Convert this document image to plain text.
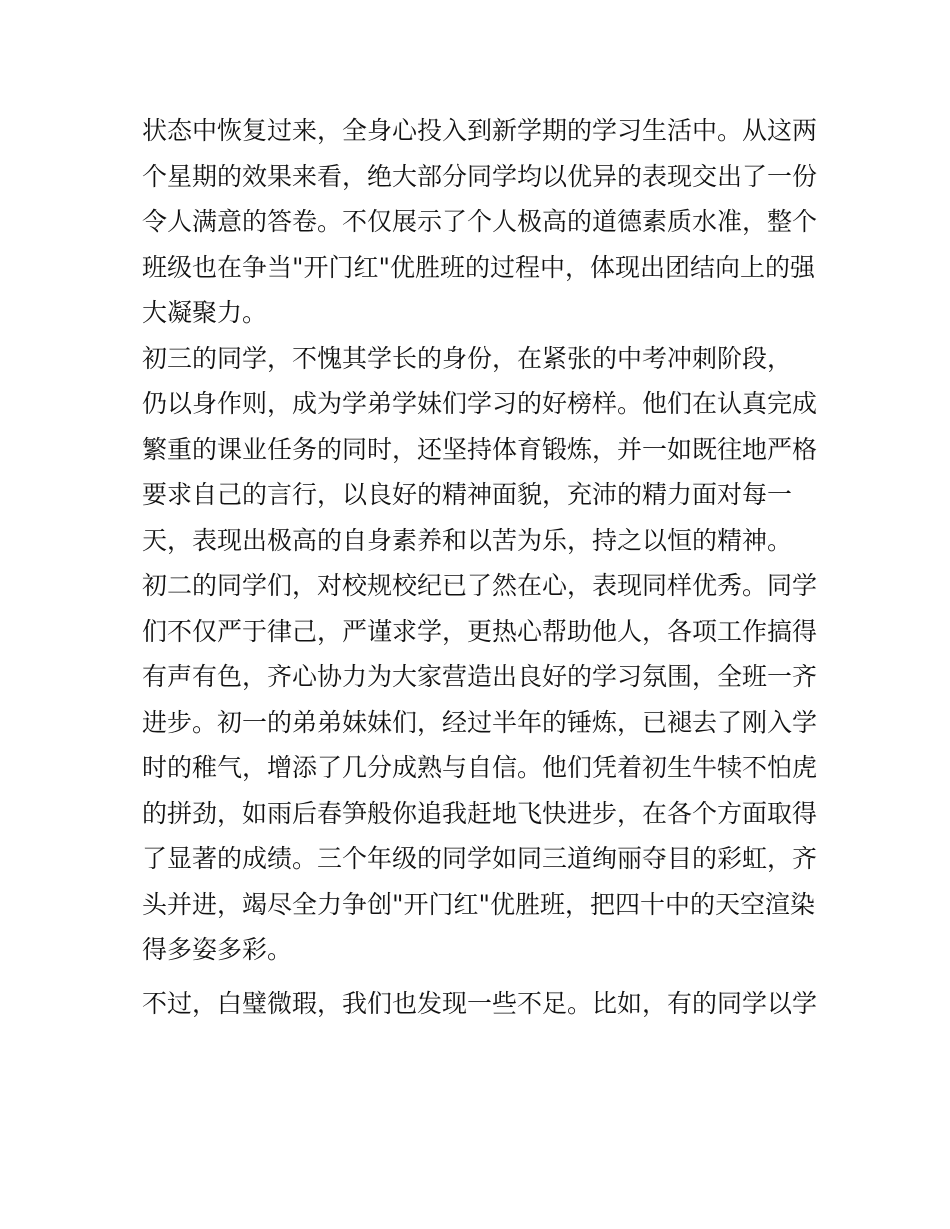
状态中恢复过来，全身心投入到新学期的学习生活中。从这两
个星期的效果来看，绝大部分同学均以优异的表现交出了一份
令人满意的答卷。不仅展示了个人极高的道德素质水准，整个
班级也在争当"开门红"优胜班的过程中，体现出团结向上的强
大凝聚力。
初三的同学，不愧其学长的身份，在紧张的中考冲刺阶段，
仍以身作则，成为学弟学妹们学习的好榜样。他们在认真完成
繁重的课业任务的同时，还坚持体育锻炼，并一如既往地严格
要求自己的言行，以良好的精神面貌，充沛的精力面对每一
天，表现出极高的自身素养和以苦为乐，持之以恒的精神。
初二的同学们，对校规校纪已了然在心，表现同样优秀。同学
们不仅严于律己，严谨求学，更热心帮助他人，各项工作搞得
有声有色，齐心协力为大家营造出良好的学习氛围，全班一齐
进步。初一的弟弟妹妹们，经过半年的锤炼，已褪去了刚入学
时的稚气，增添了几分成熟与自信。他们凭着初生牛犊不怕虎
的拼劲，如雨后春笋般你追我赶地飞快进步，在各个方面取得
了显著的成绩。三个年级的同学如同三道绚丽夺目的彩虹，齐
头并进，竭尽全力争创"开门红"优胜班，把四十中的天空渲染
得多姿多彩。
不过，白璧微瑕，我们也发现一些不足。比如，有的同学以学
